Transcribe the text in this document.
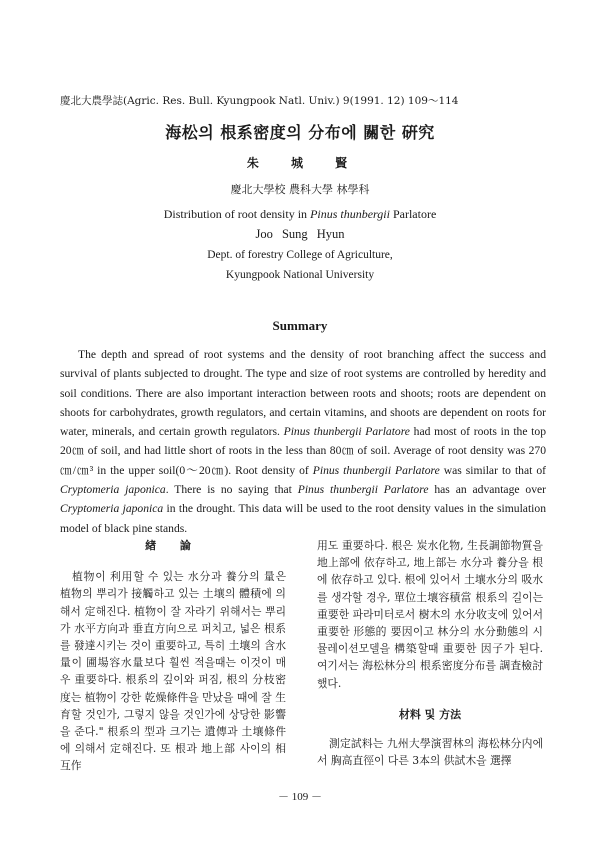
慶北大農學誌(Agric. Res. Bull. Kyungpook Natl. Univ.) 9(1991. 12) 109～114
海松의 根系密度의 分布에 關한 硏究
朱 城 賢
慶北大學校 農科大學 林學科
Distribution of root density in Pinus thunbergii Parlatore
Joo Sung Hyun
Dept. of forestry College of Agriculture,
Kyungpook National University
Summary

The depth and spread of root systems and the density of root branching affect the success and survival of plants subjected to drought. The type and size of root systems are controlled by heredity and soil conditions. There are also important interaction between roots and shoots; roots are dependent on shoots for carbohydrates, growth regulators, and certain vitamins, and shoots are dependent on roots for water, minerals, and certain growth regulators. Pinus thunbergii Parlatore had most of roots in the top 20㎝ of soil, and had little short of roots in the less than 80㎝ of soil. Average of root density was 270 ㎝/㎝³ in the upper soil(0～20㎝). Root density of Pinus thunbergii Parlatore was similar to that of Cryptomeria japonica. There is no saying that Pinus thunbergii Parlatore has an advantage over Cryptomeria japonica in the drought. This data will be used to the root density values in the simulation model of black pine stands.

緖 論

植物이 利用할 수 있는 水分과 養分의 量은 植物의 뿌리가 接觸하고 있는 土壤의 體積에 의해서 定해진다. 植物이 잘 자라기 위해서는 뿌리가 水平方向과 垂直方向으로 퍼치고, 넓은 根系를 發達시키는 것이 重要하고, 특히 土壤의 含水量이 圃場容水量보다 훨씬 적을때는 이것이 매우 重要하다. 根系의 깊이와 퍼짐, 根의 分枝密度는 植物이 강한 乾燥條件을 만났을 때에 잘 生育할 것인가, 그렇지 않을 것인가에 상당한 影響을 준다." 根系의 型과 크기는 遺傳과 土壤條件에 의해서 定해진다. 또 根과 地上部 사이의 相互作

用도 重要하다. 根은 炭水化物, 生長調節物質을 地上部에 依存하고, 地上部는 水分과 養分을 根에 依存하고 있다. 根에 있어서 土壤水分의 吸水를 생각할 경우, 單位土壤容積當 根系의 길이는 重要한 파라미터로서 樹木의 水分收支에 있어서 重要한 形態的 要因이고 林分의 水分動態의 시뮬레이션모델을 構築할때 重要한 因子가 된다. 여기서는 海松林分의 根系密度分布를 調査檢討했다.

材料 및 方法

測定試料는 九州大學演習林의 海松林分内에서 胸高直徑이 다른 3本의 供試木을 選擇

－ 109 －
